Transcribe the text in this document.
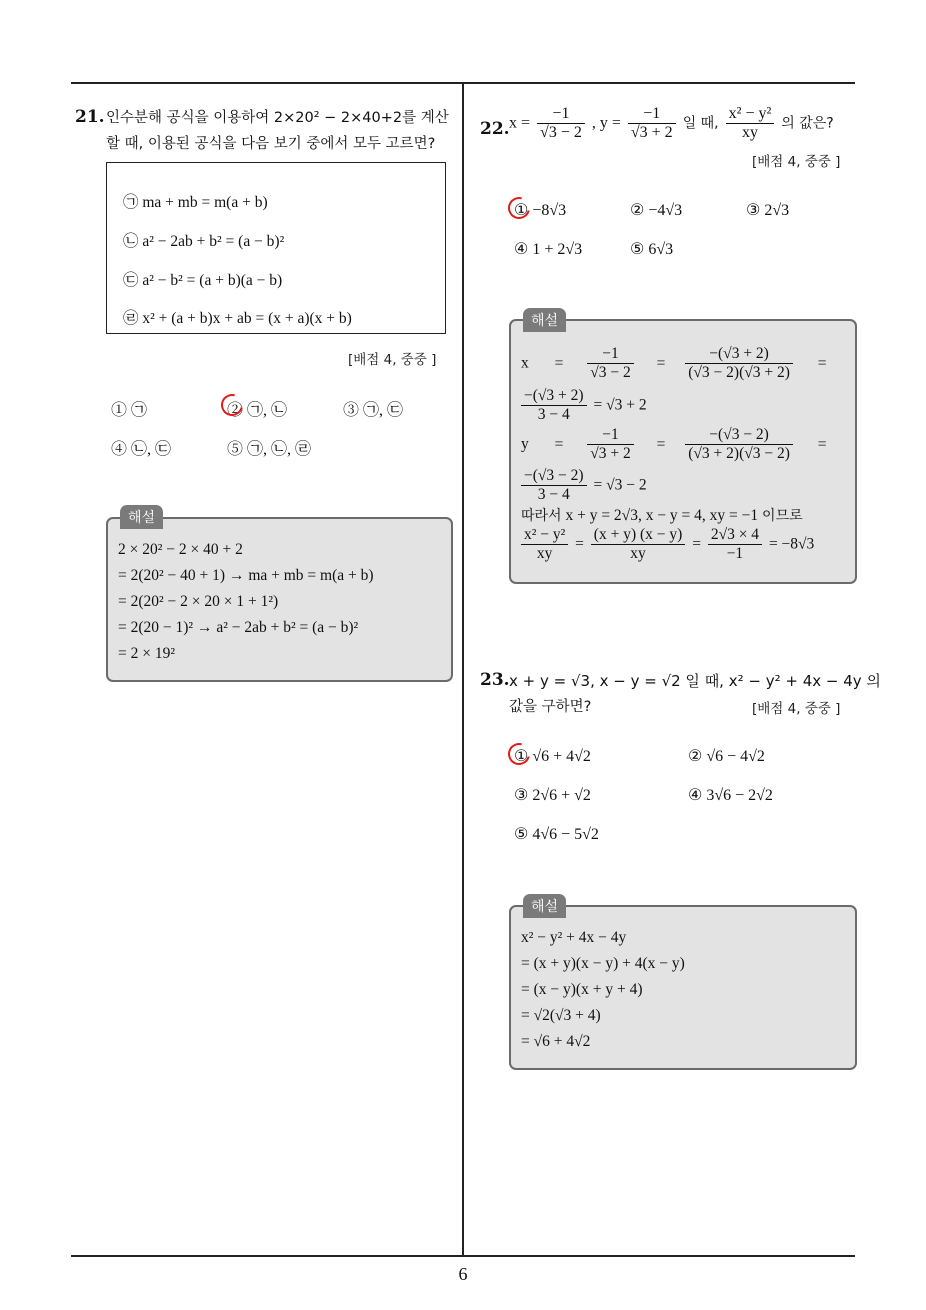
6
21. 인수분해 공식을 이용하여 2×20² − 2×40+2를 계산
할 때, 이용된 공식을 다음 보기 중에서 모두 고르면?
㉠ ma + mb = m(a + b)
㉡ a² − 2ab + b² = (a − b)²
㉢ a² − b² = (a + b)(a − b)
㉣ x² + (a + b)x + ab = (x + a)(x + b)
[배점 4, 중중 ]
① ㉠	② ㉠, ㉡	③ ㉠, ㉢
④ ㉡, ㉢	⑤ ㉠, ㉡, ㉣
2 × 20² − 2 × 40 + 2
= 2(20² − 40 + 1) → ma + mb = m(a + b)
= 2(20² − 2 × 20 × 1 + 1²)
= 2(20 − 1)² → a² − 2ab + b² = (a − b)²
= 2 × 19²
해설
22. $x = \frac{-1}{√3 - 2}$ , $y = \frac{-1}{√3 + 2}$ 일 때, $\frac{\text{x² − y²}}{xy}$ 의 값은?
[배점 4, 중중 ]
① −8√3	② −4√3	③ 2√3
④ 1 + 2√3	⑤ 6√3
$x = \frac{-1}{√3 - 2} = \frac{-(√3 + 2)}{(√3 - 2)(√3 + 2)}$ =
$\frac{-(√3 + 2)}{3 - 4} = √3 + 2$
$y = \frac{-1}{√3 + 2} = \frac{-(√3 - 2)}{(√3 + 2)(√3 - 2)}$ =
$\frac{-(√3 - 2)}{3 - 4} = √3 - 2$
따라서 x + y = 2√3, x − y = 4, xy = −1 이므로
$\frac{\text{x² − y²}}{xy} = \frac{(x + y) (x - y)}{xy} = \frac{2√3 \times 4}{-1} = -8√3$
해설
23. x + y = √3, x − y = √2 일 때, x² − y² + 4x − 4y 의
값을 구하면?	[배점 4, 중중 ]
① √6 + 4√2	② √6 − 4√2
③ 2√6 + √2	④ 3√6 − 2√2
⑤ 4√6 − 5√2
x² − y² + 4x − 4y
= (x + y)(x − y) + 4(x − y)
= (x − y)(x + y + 4)
= √2(√3 + 4)
= √6 + 4√2
해설
